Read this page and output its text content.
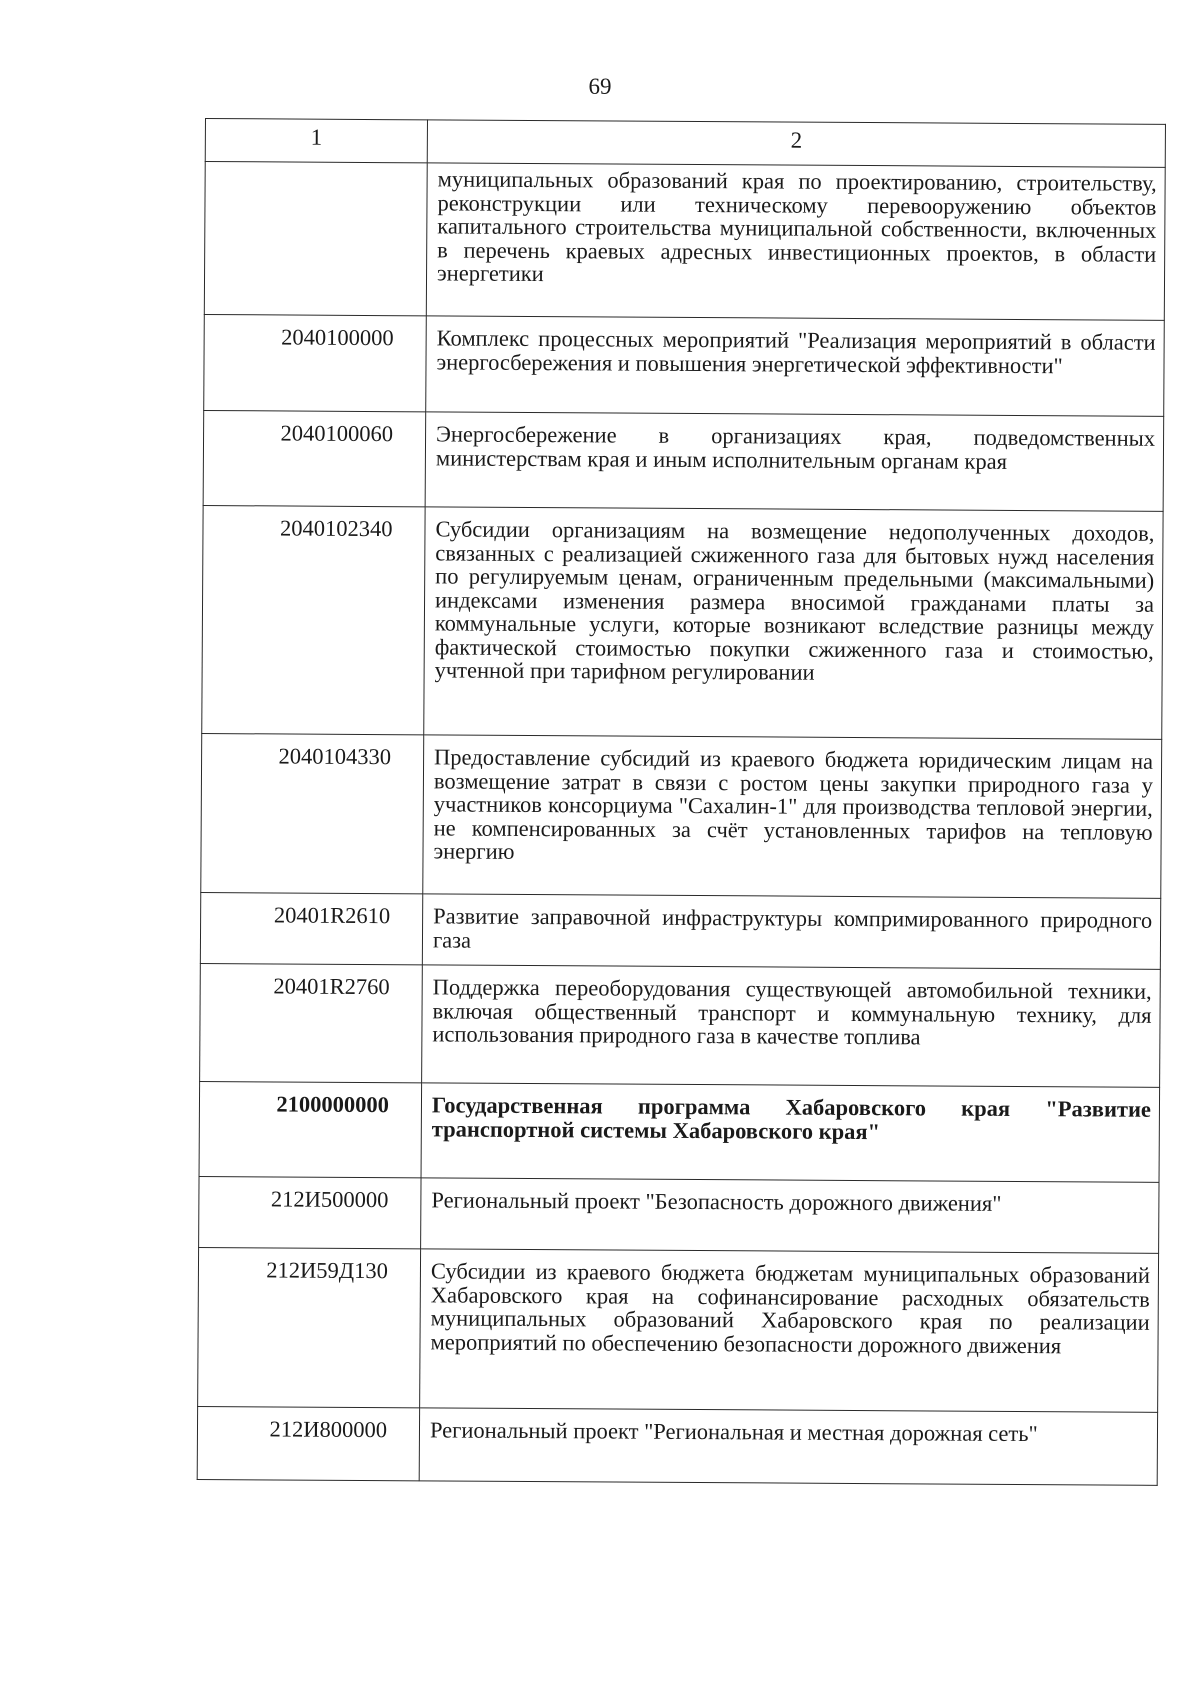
69
1	2
	муниципальных образований края по проектированию, строительству, реконструкции или техническому перевооружению объектов капитального строительства муниципальной собственности, включенных в перечень краевых адресных инвестиционных проектов, в области энергетики
2040100000	Комплекс процессных мероприятий "Реализация мероприятий в области энергосбережения и повышения энергетической эффективности"
2040100060	Энергосбережение в организациях края, подведомственных министерствам края и иным исполнительным органам края
2040102340	Субсидии организациям на возмещение недополученных доходов, связанных с реализацией сжиженного газа для бытовых нужд населения по регулируемым ценам, ограниченным предельными (максимальными) индексами изменения размера вносимой гражданами платы за коммунальные услуги, которые возникают вследствие разницы между фактической стоимостью покупки сжиженного газа и стоимостью, учтенной при тарифном регулировании
2040104330	Предоставление субсидий из краевого бюджета юридическим лицам на возмещение затрат в связи с ростом цены закупки природного газа у участников консорциума "Сахалин-1" для производства тепловой энергии, не компенсированных за счёт установленных тарифов на тепловую энергию
20401R2610	Развитие заправочной инфраструктуры компримированного природного газа
20401R2760	Поддержка переоборудования существующей автомобильной техники, включая общественный транспорт и коммунальную технику, для использования природного газа в качестве топлива
2100000000	Государственная программа Хабаровского края "Развитие транспортной системы Хабаровского края"
212И500000	Региональный проект "Безопасность дорожного движения"
212И59Д130	Субсидии из краевого бюджета бюджетам муниципальных образований Хабаровского края на софинансирование расходных обязательств муниципальных образований Хабаровского края по реализации мероприятий по обеспечению безопасности дорожного движения
212И800000	Региональный проект "Региональная и местная дорожная сеть"
